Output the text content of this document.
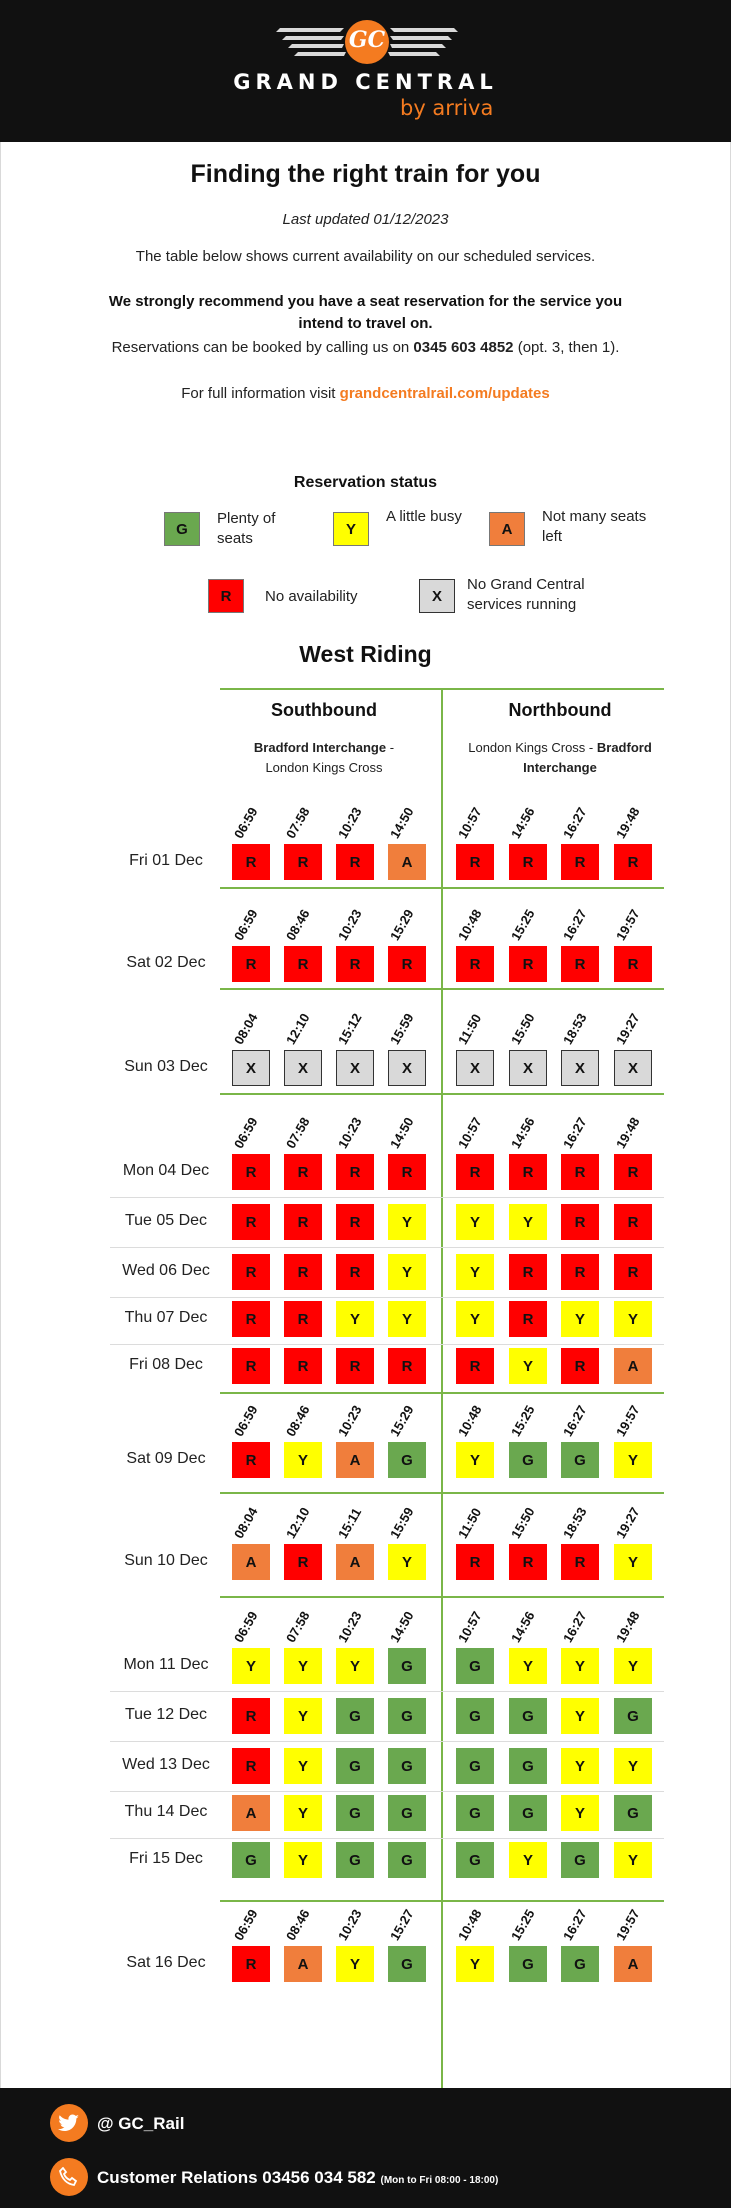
GC
GRAND CENTRAL
by arriva
Finding the right train for you
Last updated 01/12/2023
The table below shows current availability on our scheduled services.
We strongly recommend you have a seat reservation for the service you
intend to travel on.
Reservations can be booked by calling us on 0345 603 4852 (opt. 3, then 1).
For full information visit grandcentralrail.com/updates
Reservation status
G
Plenty of seats
Y
A little busy
A
Not many seats left
R	No availability	X
No Grand Central services running
West Riding
Southbound	Northbound
Bradford Interchange -
London Kings Cross
London Kings Cross - Bradford Interchange
06:59 07:58 10:23 14:50	10:57 14:56 16:27 19:48
Fri 01 Dec	R	R	R	A	R	R	R	R
06:59 08:46 10:23 15:29	10:48 15:25 16:27 19:57
Sat 02 Dec	R	R	R	R	R	R	R	R
08:04 12:10 15:12 15:59	11:50 15:50 18:53 19:27
Sun 03 Dec	X	X	X	X	X	X	X	X
06:59 07:58 10:23 14:50	10:57 14:56 16:27 19:48
Mon 04 Dec	R	R	R	R	R	R	R	R
Tue 05 Dec	R	R	R	Y	Y	Y	R	R
Wed 06 Dec	R	R	R	Y	Y	R	R	R
Thu 07 Dec	R	R	Y	Y	Y	R	Y	Y
Fri 08 Dec	R	R	R	R	R	Y	R	A
06:59 08:46 10:23 15:29	10:48 15:25 16:27 19:57
Sat 09 Dec	R	Y	A	G	Y	G	G	Y
08:04 12:10 15:11 15:59	11:50 15:50 18:53 19:27
Sun 10 Dec	A	R	A	Y	R	R	R	Y
06:59 07:58 10:23 14:50	10:57 14:56 16:27 19:48
Mon 11 Dec	Y	Y	Y	G	G	Y	Y	Y
Tue 12 Dec	R	Y	G	G	G	G	Y	G
Wed 13 Dec	R	Y	G	G	G	G	Y	Y
Thu 14 Dec	A	Y	G	G	G	G	Y	G
Fri 15 Dec	G	Y	G	G	G	Y	G	Y
06:59 08:46 10:23 15:27	10:48 15:25 16:27 19:57
Sat 16 Dec	R	A	Y	G	Y	G	G	A
@ GC_Rail
Customer Relations 03456 034 582 (Mon to Fri 08:00 - 18:00)
